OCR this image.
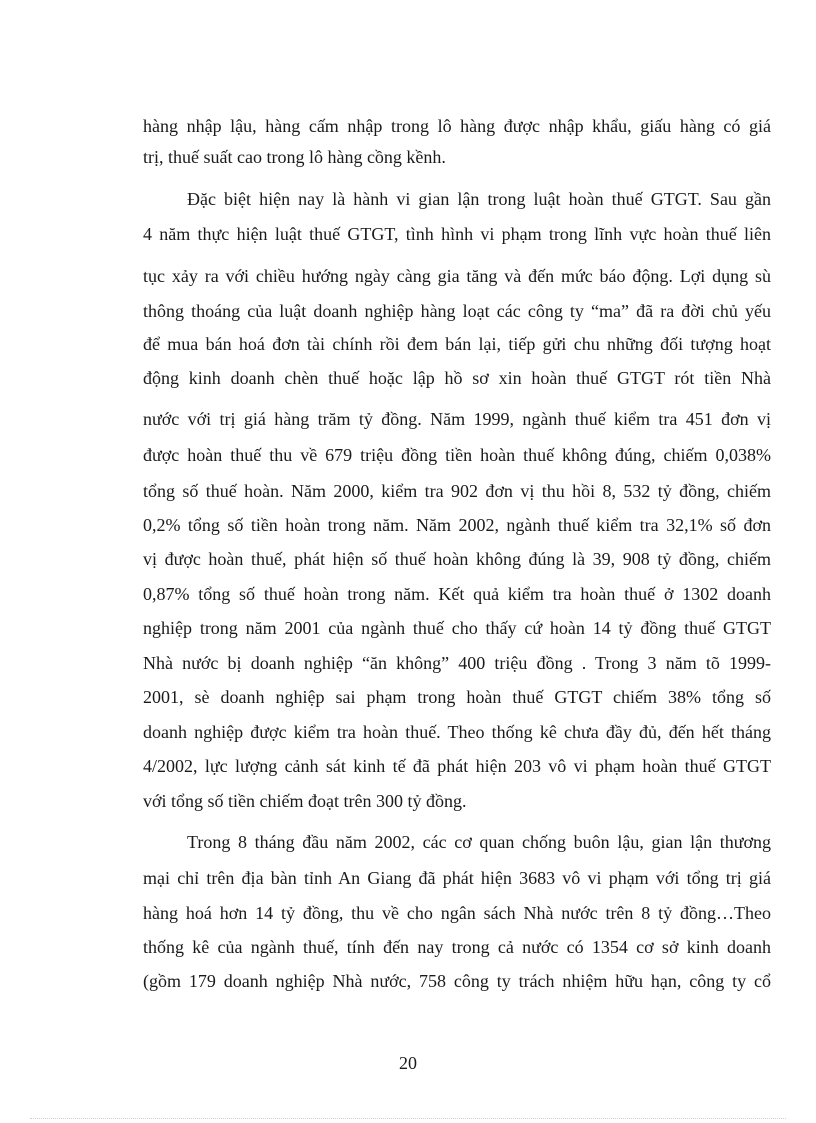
hàng nhập lậu, hàng cấm nhập trong lô hàng được nhập khẩu, giấu hàng có giá
trị, thuế suất cao trong lô hàng cồng kềnh.
Đặc biệt hiện nay là hành vi gian lận trong luật hoàn thuế GTGT. Sau gần
4 năm thực hiện luật thuế GTGT, tình hình vi phạm trong lĩnh vực hoàn thuế liên
tục xảy ra với chiều hướng ngày càng gia tăng và đến mức báo động. Lợi dụng sù
thông thoáng của luật doanh nghiệp hàng loạt các công ty “ma” đã ra đời chủ yếu
để mua bán hoá đơn tài chính rồi đem bán lại, tiếp gửi chu những đối tượng hoạt
động kinh doanh chèn thuế hoặc lập hồ sơ xin hoàn thuế GTGT rót tiền Nhà
nước với trị giá hàng trăm tỷ đồng. Năm 1999, ngành thuế kiểm tra 451 đơn vị
được hoàn thuế thu về 679 triệu đồng tiền hoàn thuế không đúng, chiếm 0,038%
tổng số thuế hoàn. Năm 2000, kiểm tra 902 đơn vị thu hồi 8, 532 tỷ đồng, chiếm
0,2% tổng số tiền hoàn trong năm. Năm 2002, ngành thuế kiểm tra 32,1% số đơn
vị được hoàn thuế, phát hiện số thuế hoàn không đúng là 39, 908 tỷ đồng, chiếm
0,87% tổng số thuế hoàn trong năm. Kết quả kiểm tra hoàn thuế ở 1302 doanh
nghiệp trong năm 2001 của ngành thuế cho thấy cứ hoàn 14 tỷ đồng thuế GTGT
Nhà nước bị doanh nghiệp “ăn không” 400 triệu đồng . Trong 3 năm tõ 1999-
2001, sè doanh nghiệp sai phạm trong hoàn thuế GTGT chiếm 38% tổng số
doanh nghiệp được kiểm tra hoàn thuế. Theo thống kê chưa đầy đủ, đến hết tháng
4/2002, lực lượng cảnh sát kinh tế đã phát hiện 203 vô vi phạm hoàn thuế GTGT
với tổng số tiền chiếm đoạt trên 300 tỷ đồng.
Trong 8 tháng đầu năm 2002, các cơ quan chống buôn lậu, gian lận thương
mại chỉ trên địa bàn tỉnh An Giang đã phát hiện 3683 vô vi phạm với tổng trị giá
hàng hoá hơn 14 tỷ đồng, thu về cho ngân sách Nhà nước trên 8 tỷ đồng…Theo
thống kê của ngành thuế, tính đến nay trong cả nước có 1354 cơ sở kinh doanh
(gồm 179 doanh nghiệp Nhà nước, 758 công ty trách nhiệm hữu hạn, công ty cổ
20
